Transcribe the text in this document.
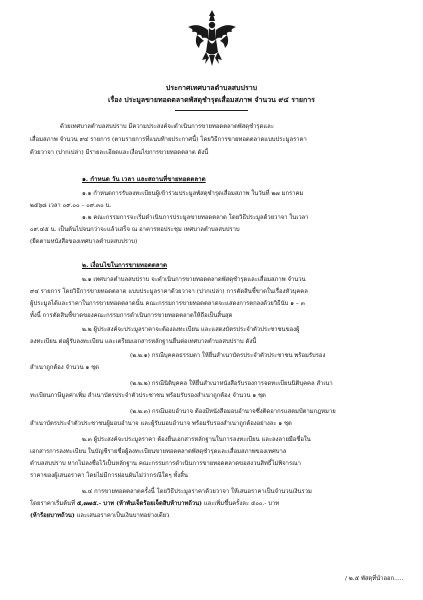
ประกาศเทศบาลตำบลสบปราบ
เรื่อง ประมูลขายทอดตลาดพัสดุชำรุดเสื่อมสภาพ จำนวน ๙๔ รายการ
ด้วยเทศบาลตำบลสบปราบ มีความประสงค์จะดำเนินการขายทอดตลาดพัสดุชำรุดและ
เสื่อมสภาพ จำนวน ๙๔ รายการ (ตามรายการที่แนบท้ายประกาศนี้) โดยวิธีการขายทอดตลาดแบบประมูลราคา
ด้วยวาจา (ปากเปล่า) มีรายละเอียดและเงื่อนไขการขายทอดตลาด ดังนี้
๑. กำหนด วัน เวลา และสถานที่ขายทอดตลาด
๑.๑ กำหนดการรับลงทะเบียนผู้เข้าร่วมประมูลพัสดุชำรุดเสื่อมสภาพ ในวันที่ ๒๗ มกราคม
๒๕๖๘ เวลา ๐๙.๐๐ – ๐๙.๓๐ น.
๑.๒ คณะกรรมการจะเริ่มดำเนินการประมูลขายทอดตลาด โดยวิธีประมูลด้วยวาจา ในเวลา
๐๙.๔๕ น. เป็นต้นไปจนกว่าจะแล้วเสร็จ ณ อาคารหอประชุม เทศบาลตำบลสบปราบ
(ยืดตามหนังสือของเทศบาลตำบลสบปราบ)
๒. เงื่อนไขในการขายทอดตลาด
๒.๑ เทศบาลตำบลสบปราบ จะดำเนินการขายทอดตลาดพัสดุชำรุดและเสื่อมสภาพ จำนวน
๙๔ รายการ โดยวิธีการขายทอดตลาด แบบประมูลราคาด้วยวาจา (ปากเปล่า) การตัดสินชี้ขาดในเรื่องหัวบุคคล
ผู้ประมูลได้และราคาในการขายทอดตลาดนั้น คณะกรรมการขายทอดตลาดจะแสดงการตกลงด้วยวิธีนับ ๑ – ๓
ทั้งนี้ การตัดสินชี้ขาดของคณะกรรมการดำเนินการขายทอดตลาดให้ถือเป็นสิ้นสุด
๒.๒ ผู้ประสงค์จะประมูลราคาจะต้องลงทะเบียน และแสดงบัตรประจำตัวประชาชนของผู้
ลงทะเบียน ต่อผู้รับลงทะเบียน และเตรียมเอกสารหลักฐานยื่นต่อเทศบาลตำบลสบปราบ ดังนี้
(๒.๒.๑) กรณีบุคคลธรรมดา ให้ยื่นสำเนาบัตรประจำตัวประชาชน พร้อมรับรอง
สำเนาถูกต้อง จำนวน ๑ ชุด
(๒.๒.๒) กรณีนิติบุคคล ให้ยื่นสำเนาหนังสือรับรองการจดทะเบียนนิติบุคคล สำเนา
ทะเบียนภาษีมูลค่าเพิ่ม สำเนาบัตรประจำตัวประชาชน พร้อมรับรองสำเนาถูกต้อง จำนวน ๑ ชุด
(๒.๒.๓) กรณีมอบอำนาจ ต้องมีหนังสือมอบอำนาจซึ่งติดอากรแสตมป์ตามกฎหมาย
สำเนาบัตรประจำตัวประชาชนผู้มอบอำนาจ และผู้รับมอบอำนาจ พร้อมรับรองสำเนาถูกต้องอย่างละ ๑ ชุด
๒.๓ ผู้ประสงค์จะประมูลราคา ต้องยื่นเอกสารหลักฐานในการลงทะเบียน และลงลายมือชื่อใน
เอกสารการลงทะเบียน ในบัญชีรายชื่อผู้ลงทะเบียนขายทอดตลาดพัสดุชำรุดและเสื่อมสภาพของเทศบาล
ตำบลสบปราบ หากไม่ลงชื่อไว้เป็นหลักฐาน คณะกรรมการดำเนินการขายทอดตลาดขอสงวนสิทธิ์ไม่พิจารณา
ราคาของผู้เสนอราคา โดยไม่มีการผ่อนผันไม่ว่ากรณีใดๆ ทั้งสิ้น
๒.๔ การขายทอดตลาดครั้งนี้ โดยวิธีประมูลราคาด้วยวาจา ให้เสนอราคาเป็นจำนวนเงินรวม
โดยราคาเริ่มต้นที่ ๕,๗๗๕.- บาท (ห้าพันเจ็ดร้อยเจ็ดสิบห้าบาทถ้วน) และเพิ่มขึ้นครั้งละ ๕๐๐.- บาท
(ห้าร้อยบาทถ้วน) และเสนอราคาเป็นเงินบาทอย่างเดียว
/ ๒.๕ พัสดุที่นำออก.....
